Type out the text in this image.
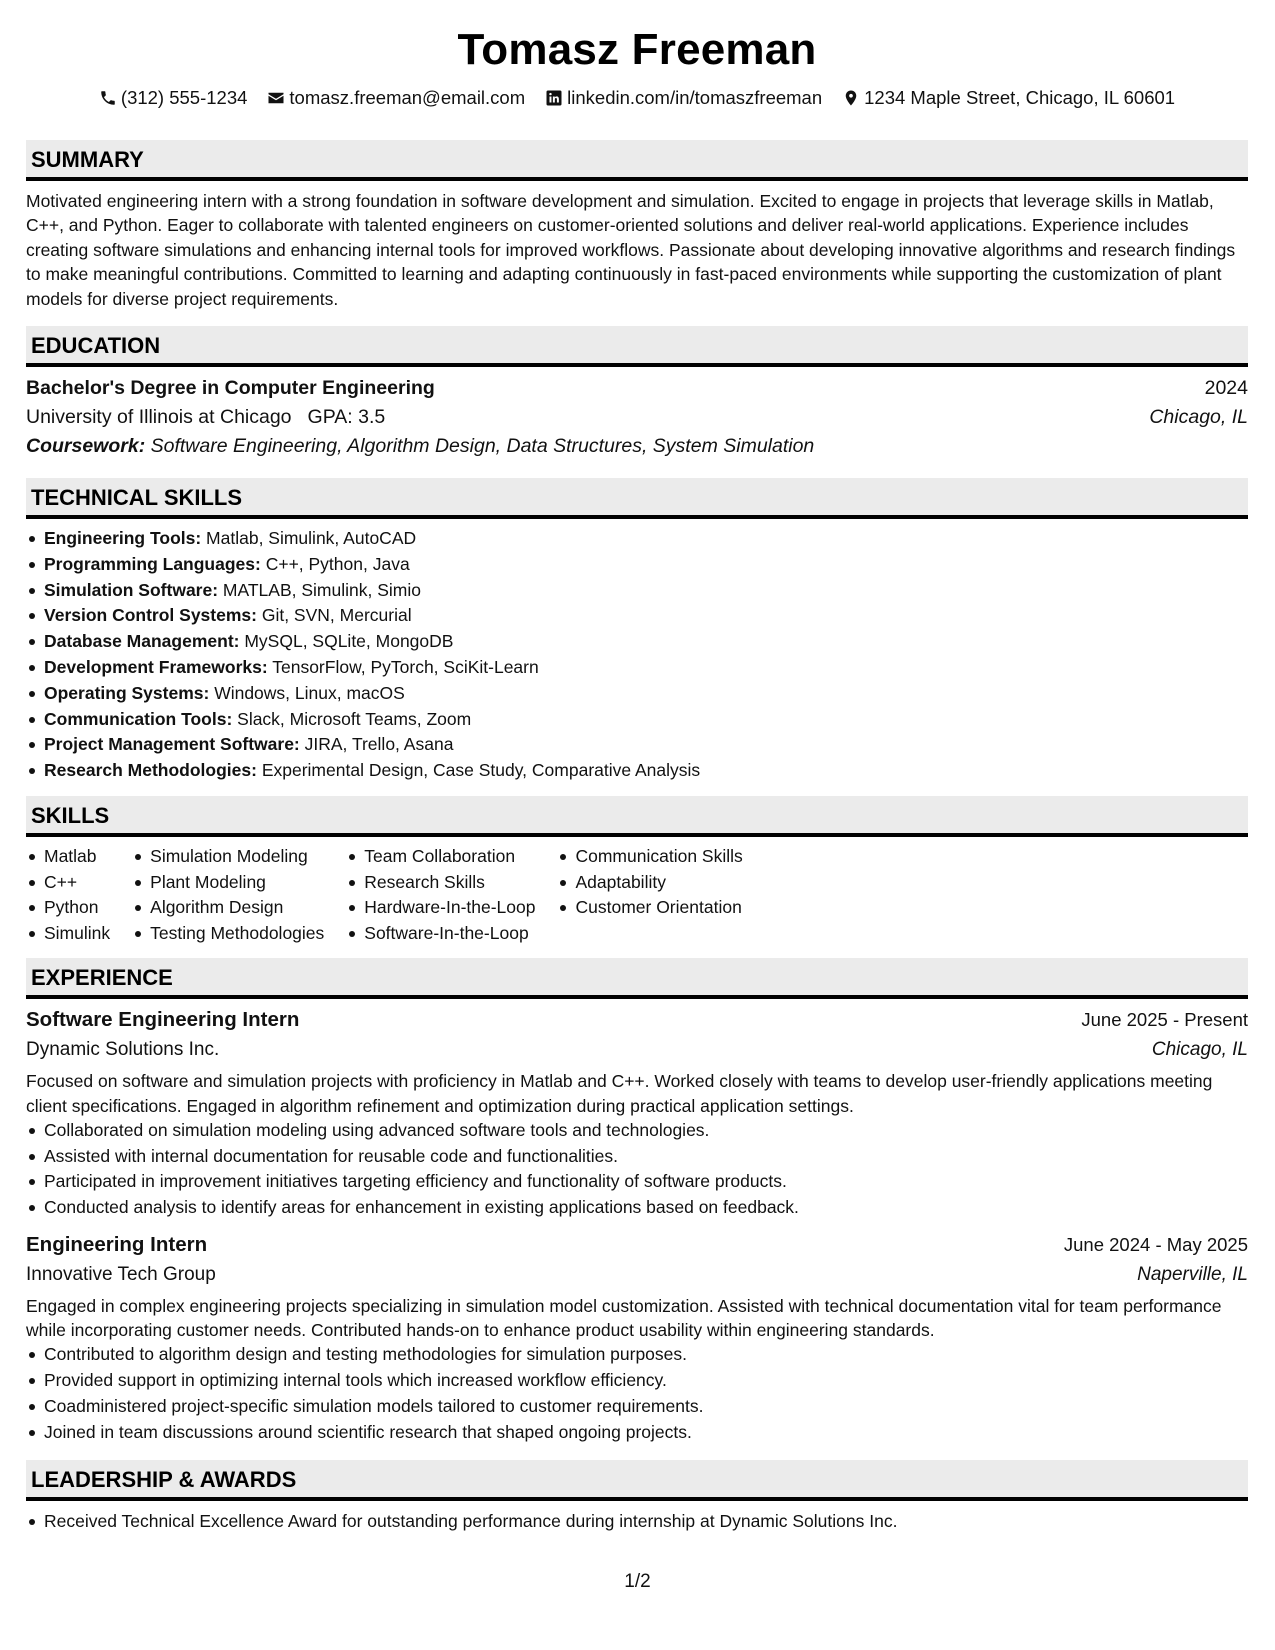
Tomasz Freeman
(312) 555-1234 tomasz.freeman@email.com linkedin.com/in/tomaszfreeman 1234 Maple Street, Chicago, IL 60601
SUMMARY

Motivated engineering intern with a strong foundation in software development and simulation. Excited to engage in projects that leverage skills in Matlab, C++, and Python. Eager to collaborate with talented engineers on customer-oriented solutions and deliver real-world applications. Experience includes creating software simulations and enhancing internal tools for improved workflows. Passionate about developing innovative algorithms and research findings to make meaningful contributions. Committed to learning and adapting continuously in fast-paced environments while supporting the customization of plant models for diverse project requirements.

EDUCATION
Bachelor's Degree in Computer Engineering	2024
University of Illinois at Chicago GPA: 3.5	Chicago, IL
Coursework: Software Engineering, Algorithm Design, Data Structures, System Simulation
TECHNICAL SKILLS
Engineering Tools: Matlab, Simulink, AutoCAD
Programming Languages: C++, Python, Java
Simulation Software: MATLAB, Simulink, Simio
Version Control Systems: Git, SVN, Mercurial
Database Management: MySQL, SQLite, MongoDB
Development Frameworks: TensorFlow, PyTorch, SciKit-Learn
Operating Systems: Windows, Linux, macOS
Communication Tools: Slack, Microsoft Teams, Zoom
Project Management Software: JIRA, Trello, Asana
Research Methodologies: Experimental Design, Case Study, Comparative Analysis
SKILLS
Matlab
C++
Python
Simulink
Simulation Modeling
Plant Modeling
Algorithm Design
Testing Methodologies
Team Collaboration
Research Skills
Hardware-In-the-Loop
Software-In-the-Loop
Communication Skills
Adaptability
Customer Orientation
EXPERIENCE
Software Engineering Intern	June 2025 - Present
Dynamic Solutions Inc.	Chicago, IL

Focused on software and simulation projects with proficiency in Matlab and C++. Worked closely with teams to develop user-friendly applications meeting client specifications. Engaged in algorithm refinement and optimization during practical application settings.

Collaborated on simulation modeling using advanced software tools and technologies.
Assisted with internal documentation for reusable code and functionalities.
Participated in improvement initiatives targeting efficiency and functionality of software products.
Conducted analysis to identify areas for enhancement in existing applications based on feedback.
Engineering Intern	June 2024 - May 2025
Innovative Tech Group	Naperville, IL

Engaged in complex engineering projects specializing in simulation model customization. Assisted with technical documentation vital for team performance while incorporating customer needs. Contributed hands-on to enhance product usability within engineering standards.

Contributed to algorithm design and testing methodologies for simulation purposes.
Provided support in optimizing internal tools which increased workflow efficiency.
Coadministered project-specific simulation models tailored to customer requirements.
Joined in team discussions around scientific research that shaped ongoing projects.
LEADERSHIP & AWARDS
Received Technical Excellence Award for outstanding performance during internship at Dynamic Solutions Inc.
1/2
